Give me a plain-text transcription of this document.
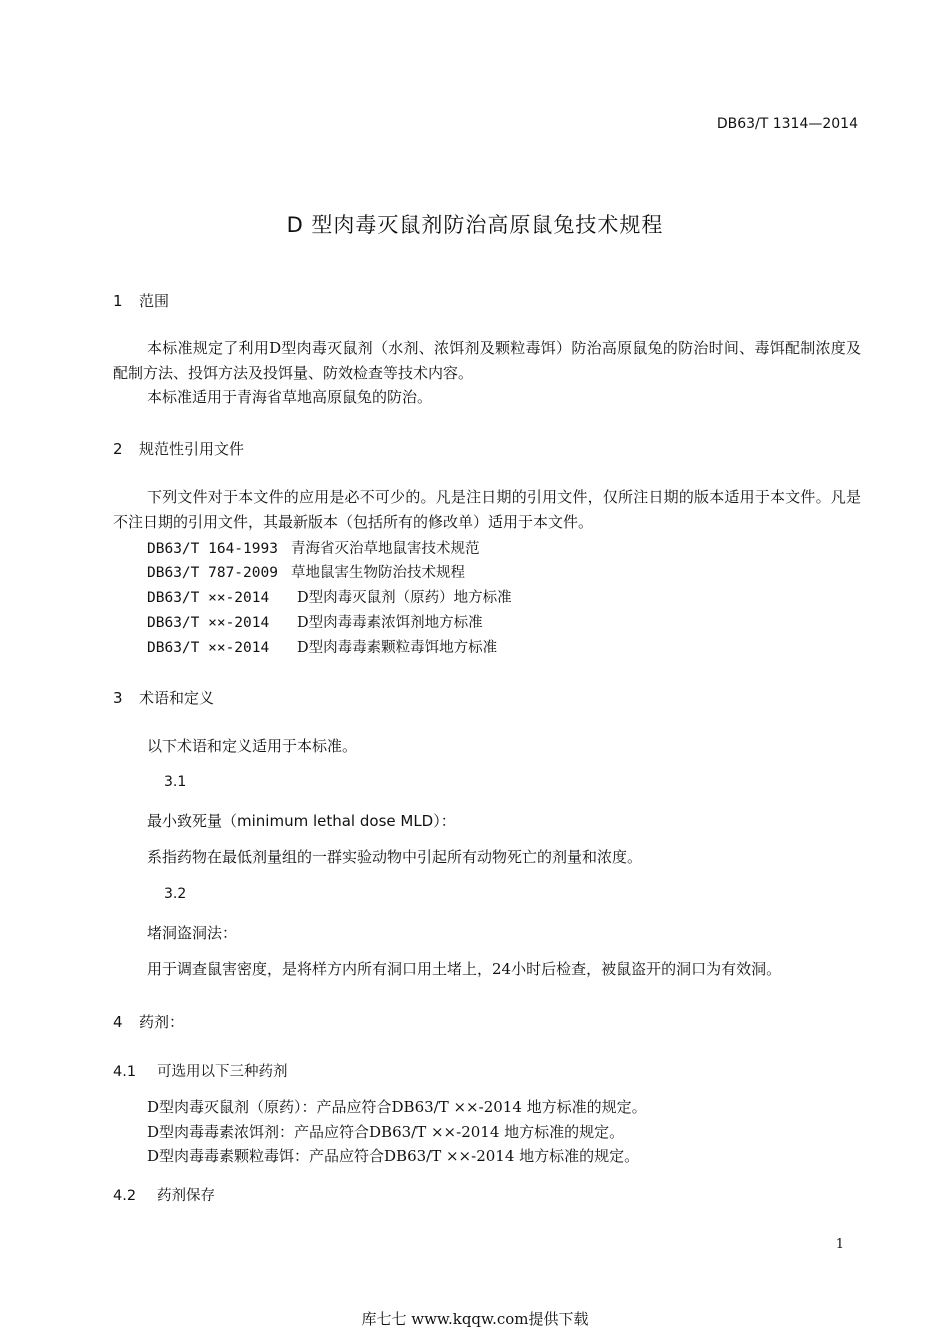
DB63/T 1314—2014
D 型肉毒灭鼠剂防治高原鼠兔技术规程
1 范围
本标准规定了利用D型肉毒灭鼠剂（水剂、浓饵剂及颗粒毒饵）防治高原鼠兔的防治时间、毒饵配制浓度及配制方法、投饵方法及投饵量、防效检查等技术内容。
本标准适用于青海省草地高原鼠兔的防治。
2 规范性引用文件
下列文件对于本文件的应用是必不可少的。凡是注日期的引用文件，仅所注日期的版本适用于本文件。凡是不注日期的引用文件，其最新版本（包括所有的修改单）适用于本文件。
DB63/T 164-1993 青海省灭治草地鼠害技术规范
DB63/T 787-2009 草地鼠害生物防治技术规程
DB63/T ××-2014 D型肉毒灭鼠剂（原药）地方标准
DB63/T ××-2014 D型肉毒毒素浓饵剂地方标准
DB63/T ××-2014 D型肉毒毒素颗粒毒饵地方标准
3 术语和定义
以下术语和定义适用于本标准。
3.1
最小致死量（minimum lethal dose MLD）：
系指药物在最低剂量组的一群实验动物中引起所有动物死亡的剂量和浓度。
3.2
堵洞盗洞法：
用于调查鼠害密度，是将样方内所有洞口用土堵上，24小时后检查，被鼠盗开的洞口为有效洞。
4 药剂：
4.1 可选用以下三种药剂
D型肉毒灭鼠剂（原药）：产品应符合DB63/T ××-2014 地方标准的规定。
D型肉毒毒素浓饵剂：产品应符合DB63/T ××-2014 地方标准的规定。
D型肉毒毒素颗粒毒饵：产品应符合DB63/T ××-2014 地方标准的规定。
4.2 药剂保存
1
库七七 www.kqqw.com提供下载
